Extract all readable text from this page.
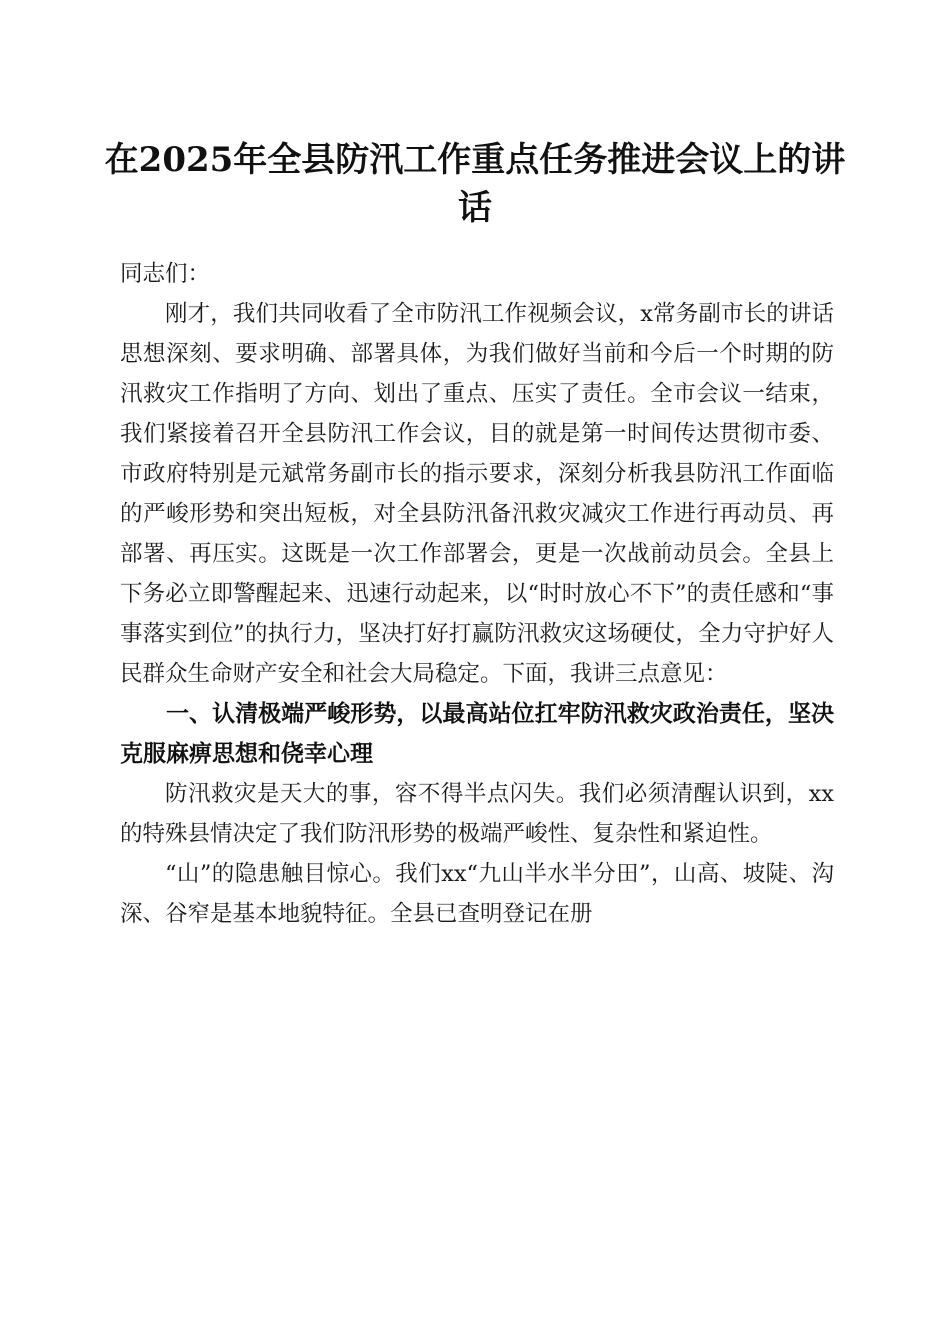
在2025年全县防汛工作重点任务推进会议上的讲话

同志们：

刚才，我们共同收看了全市防汛工作视频会议，x常务副市长的讲话思想深刻、要求明确、部署具体，为我们做好当前和今后一个时期的防汛救灾工作指明了方向、划出了重点、压实了责任。全市会议一结束，我们紧接着召开全县防汛工作会议，目的就是第一时间传达贯彻市委、市政府特别是元斌常务副市长的指示要求，深刻分析我县防汛工作面临的严峻形势和突出短板，对全县防汛备汛救灾减灾工作进行再动员、再部署、再压实。这既是一次工作部署会，更是一次战前动员会。全县上下务必立即警醒起来、迅速行动起来，以“时时放心不下”的责任感和“事事落实到位”的执行力，坚决打好打赢防汛救灾这场硬仗，全力守护好人民群众生命财产安全和社会大局稳定。下面，我讲三点意见：

一、认清极端严峻形势，以最高站位扛牢防汛救灾政治责任，坚决克服麻痹思想和侥幸心理

防汛救灾是天大的事，容不得半点闪失。我们必须清醒认识到，xx的特殊县情决定了我们防汛形势的极端严峻性、复杂性和紧迫性。

“山”的隐患触目惊心。我们xx“九山半水半分田”，山高、坡陡、沟深、谷窄是基本地貌特征。全县已查明登记在册
